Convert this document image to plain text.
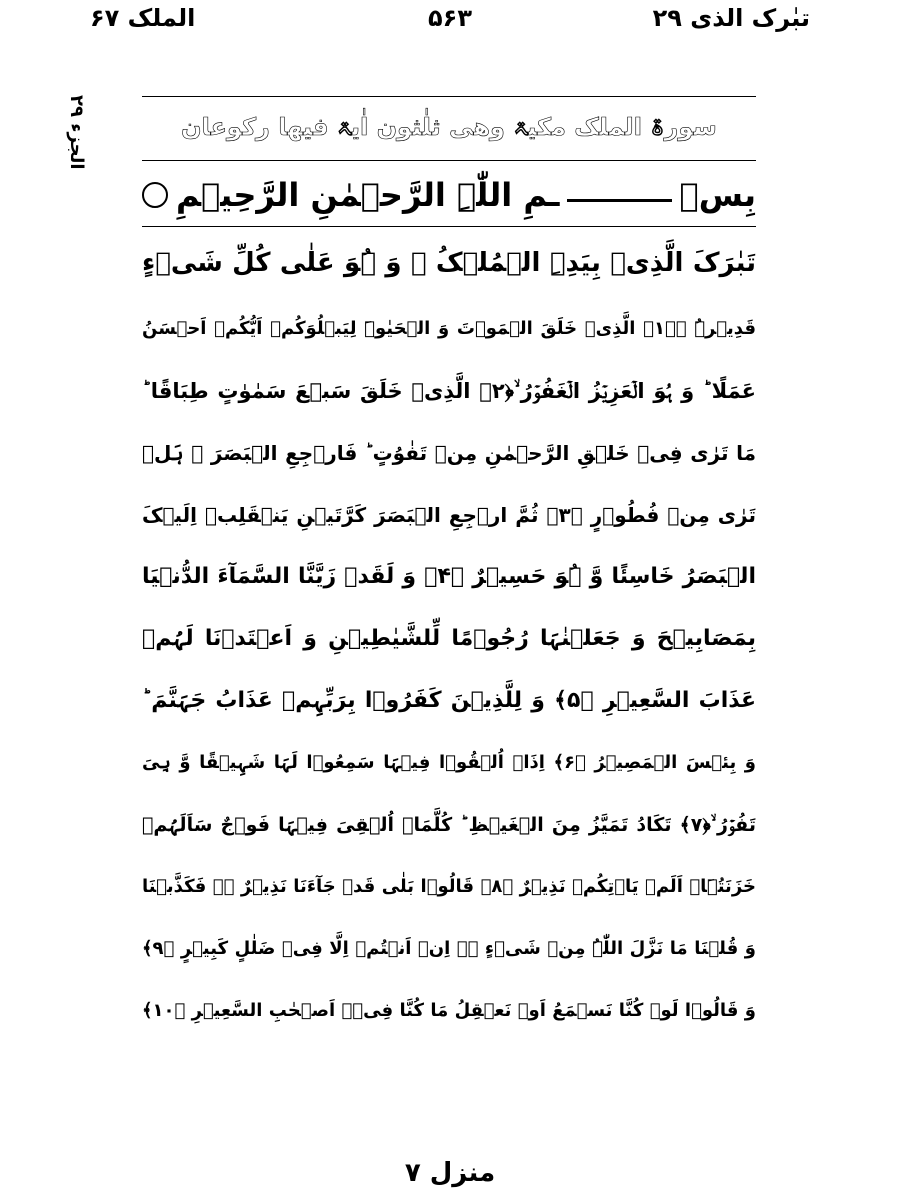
تبٰرک الذی ۲۹
۵۶۳
الملک ۶۷
الجزء ۲۹	سورۃ الملک مکیۃ وھی ثلٰثون اٰیۃ فیھا رکوعان
بِسۡ
ـمِ اللّٰہِ الرَّحۡمٰنِ الرَّحِیۡمِ
تَبٰرَکَ الَّذِیۡ بِیَدِہِ الۡمُلۡکُ ۫ وَ ہُوَ عَلٰی کُلِّ شَیۡءٍ
قَدِیۡرُۨ ۙ﴿۱﴾ الَّذِیۡ خَلَقَ الۡمَوۡتَ وَ الۡحَیٰوۃَ لِیَبۡلُوَکُمۡ اَیُّکُمۡ اَحۡسَنُ
عَمَلًا ؕ وَ ہُوَ الۡعَزِیۡزُ الۡغَفُوۡرُ ۙ﴿۲﴾ الَّذِیۡ خَلَقَ سَبۡعَ سَمٰوٰتٍ طِبَاقًا ؕ
مَا تَرٰی فِیۡ خَلۡقِ الرَّحۡمٰنِ مِنۡ تَفٰوُتٍ ؕ فَارۡجِعِ الۡبَصَرَ ۙ ہَلۡ
تَرٰی مِنۡ فُطُوۡرٍ ﴿۳﴾ ثُمَّ ارۡجِعِ الۡبَصَرَ کَرَّتَیۡنِ یَنۡقَلِبۡ اِلَیۡکَ
الۡبَصَرُ خَاسِئًا وَّ ہُوَ حَسِیۡرٌ ﴿۴﴾ وَ لَقَدۡ زَیَّنَّا السَّمَآءَ الدُّنۡیَا
بِمَصَابِیۡحَ وَ جَعَلۡنٰہَا رُجُوۡمًا لِّلشَّیٰطِیۡنِ وَ اَعۡتَدۡنَا لَہُمۡ
عَذَابَ السَّعِیۡرِ ﴿۵﴾ وَ لِلَّذِیۡنَ کَفَرُوۡا بِرَبِّہِمۡ عَذَابُ جَہَنَّمَ ؕ
وَ بِئۡسَ الۡمَصِیۡرُ ﴿۶﴾ اِذَاۤ اُلۡقُوۡا فِیۡہَا سَمِعُوۡا لَہَا شَہِیۡقًا وَّ ہِیَ
تَفُوۡرُ ۙ﴿۷﴾ تَکَادُ تَمَیَّزُ مِنَ الۡغَیۡظِ ؕ کُلَّمَاۤ اُلۡقِیَ فِیۡہَا فَوۡجٌ سَاَلَہُمۡ
خَزَنَتُہَاۤ اَلَمۡ یَاۡتِکُمۡ نَذِیۡرٌ ﴿۸﴾ قَالُوۡا بَلٰی قَدۡ جَآءَنَا نَذِیۡرٌ ۬ۙ فَکَذَّبۡنَا
وَ قُلۡنَا مَا نَزَّلَ اللّٰہُ مِنۡ شَیۡءٍ ۚۖ اِنۡ اَنۡتُمۡ اِلَّا فِیۡ ضَلٰلٍ کَبِیۡرٍ ﴿۹﴾
وَ قَالُوۡا لَوۡ کُنَّا نَسۡمَعُ اَوۡ نَعۡقِلُ مَا کُنَّا فِیۡۤ اَصۡحٰبِ السَّعِیۡرِ ﴿۱۰﴾
منزل ۷
